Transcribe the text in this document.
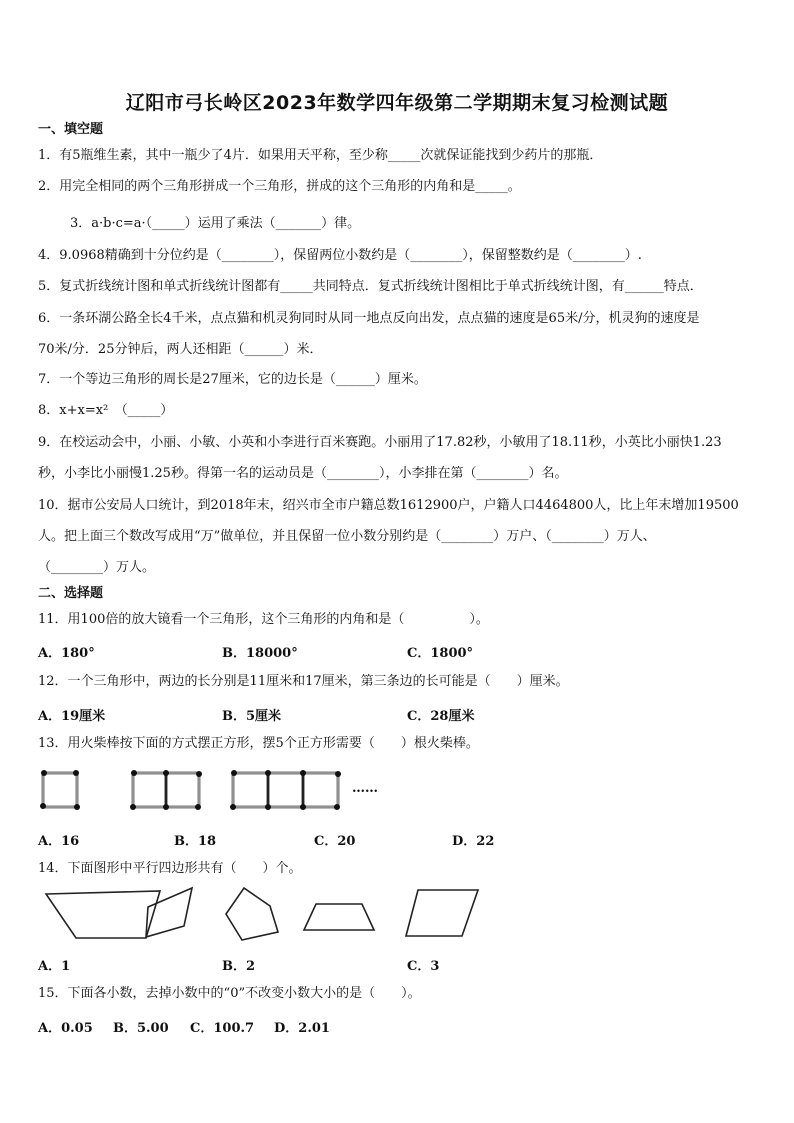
辽阳市弓长岭区2023年数学四年级第二学期期末复习检测试题
一、填空题
1．有5瓶维生素，其中一瓶少了4片．如果用天平称，至少称_____次就保证能找到少药片的那瓶．
2．用完全相同的两个三角形拼成一个三角形，拼成的这个三角形的内角和是_____。
3．a·b·c=a·（_____）运用了乘法（_______）律。
4．9.0968精确到十分位约是（________），保留两位小数约是（________），保留整数约是（________）.
5．复式折线统计图和单式折线统计图都有_____共同特点．复式折线统计图相比于单式折线统计图，有______特点．
6．一条环湖公路全长4千米，点点猫和机灵狗同时从同一地点反向出发，点点猫的速度是65米/分，机灵狗的速度是
70米/分．25分钟后，两人还相距（______）米．
7．一个等边三角形的周长是27厘米，它的边长是（______）厘米。
8．x+x=x²　（_____）
9．在校运动会中，小丽、小敏、小英和小李进行百米赛跑。小丽用了17.82秒，小敏用了18.11秒，小英比小丽快1.23
秒，小李比小丽慢1.25秒。得第一名的运动员是（________），小李排在第（________）名。
10．据市公安局人口统计，到2018年末，绍兴市全市户籍总数1612900户，户籍人口4464800人，比上年末增加19500
人。把上面三个数改写成用“万”做单位，并且保留一位小数分别约是（________）万户、（________）万人、
（________）万人。
二、选择题
11．用100倍的放大镜看一个三角形，这个三角形的内角和是（　　　　　）。
A．180°	B．18000°	C．1800°
12．一个三角形中，两边的长分别是11厘米和17厘米，第三条边的长可能是（　　）厘米。
A．19厘米	B．5厘米	C．28厘米
13．用火柴棒按下面的方式摆正方形，摆5个正方形需要（　　）根火柴棒。
……
A．16	B．18	C．20	D．22
14．下面图形中平行四边形共有（　　）个。
A．1	B．2	C．3
15．下面各小数，去掉小数中的“0”不改变小数大小的是（　　）。
A．0.05 B．5.00 C．100.7 D．2.01
